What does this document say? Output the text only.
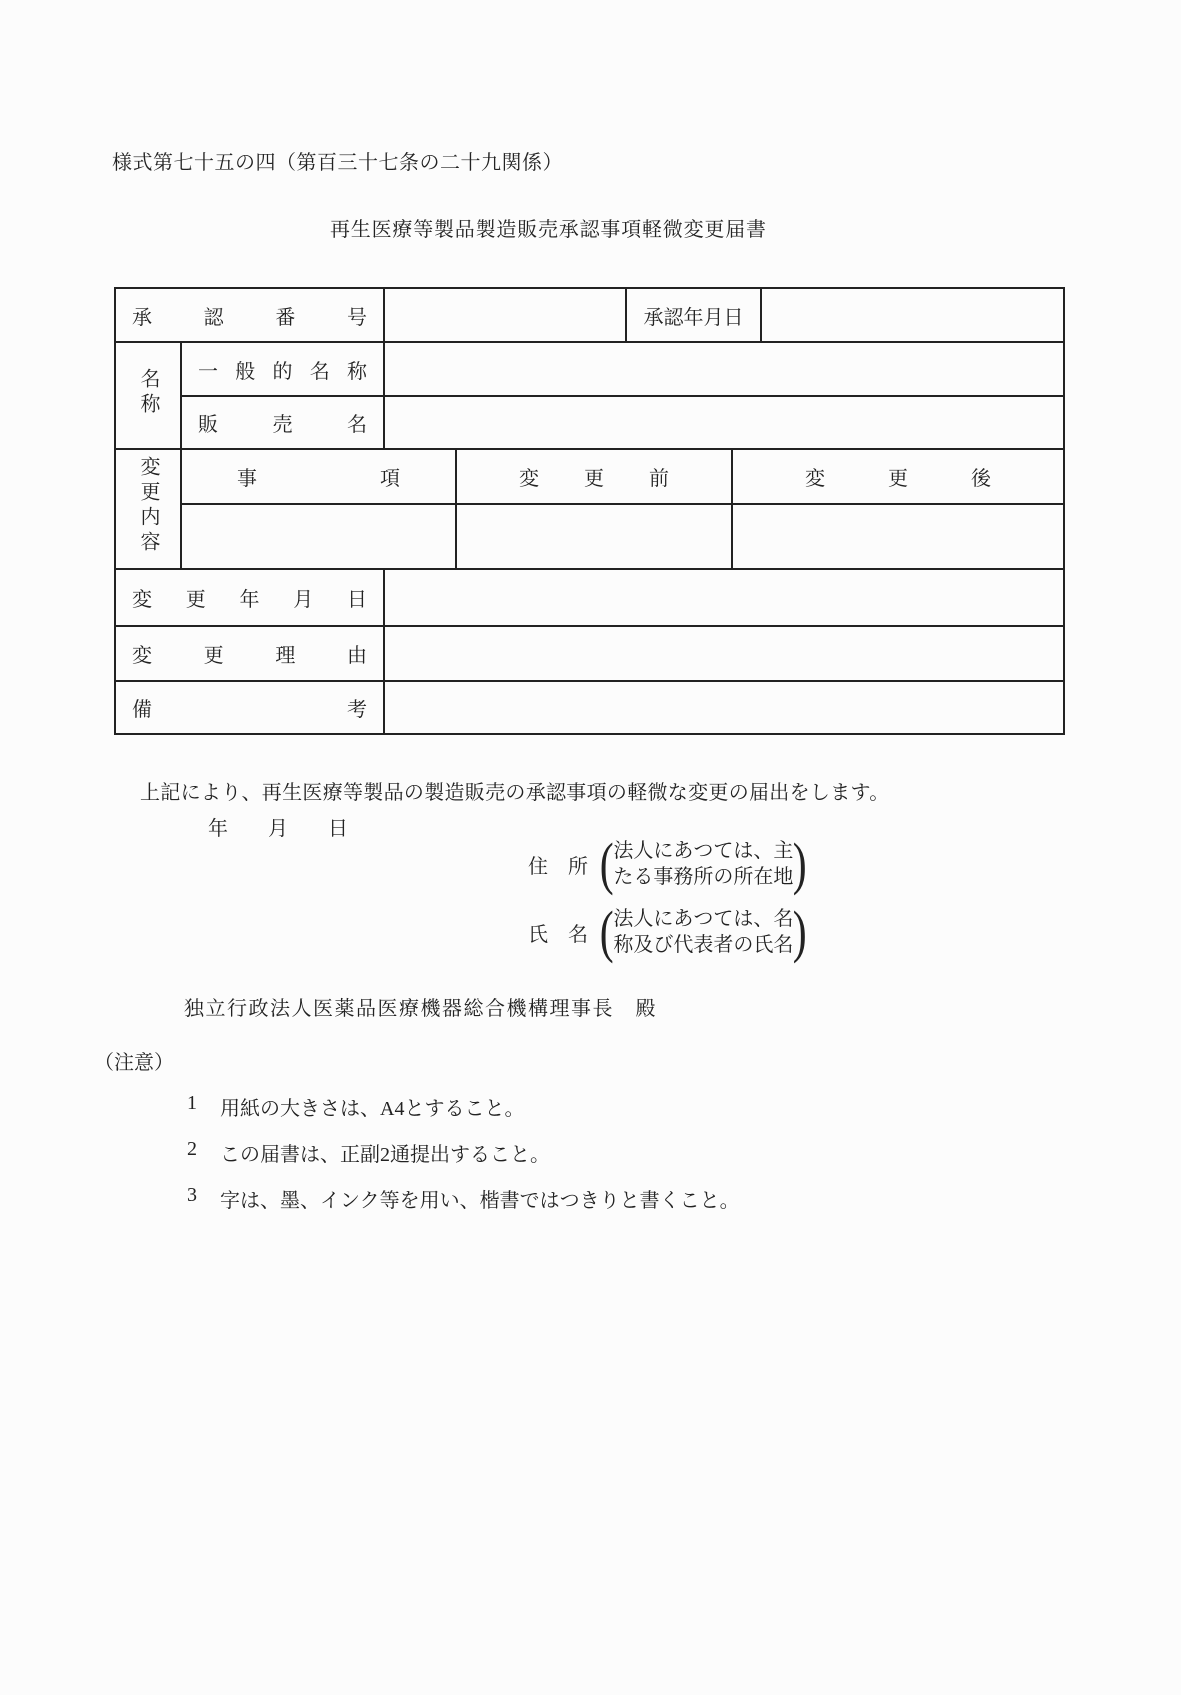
様式第七十五の四（第百三十七条の二十九関係）
再生医療等製品製造販売承認事項軽微変更届書
承認番号				承認年月日		
名称	一般的名称					
	販売名					
変更内容	事項		変更前		変更後	

変更年月日						
変更理由						
備考						
上記により、再生医療等製品の製造販売の承認事項の軽微な変更の届出をします。
年　　月　　日
住　所 ( 法人にあつては、主
たる事務所の所在地 )
氏　名 ( 法人にあつては、名
称及び代表者の氏名 )
独立行政法人医薬品医療機器総合機構理事長　殿
（注意）
1	用紙の大きさは、A4とすること。
2	この届書は、正副2通提出すること。
3	字は、墨、インク等を用い、楷書ではつきりと書くこと。
